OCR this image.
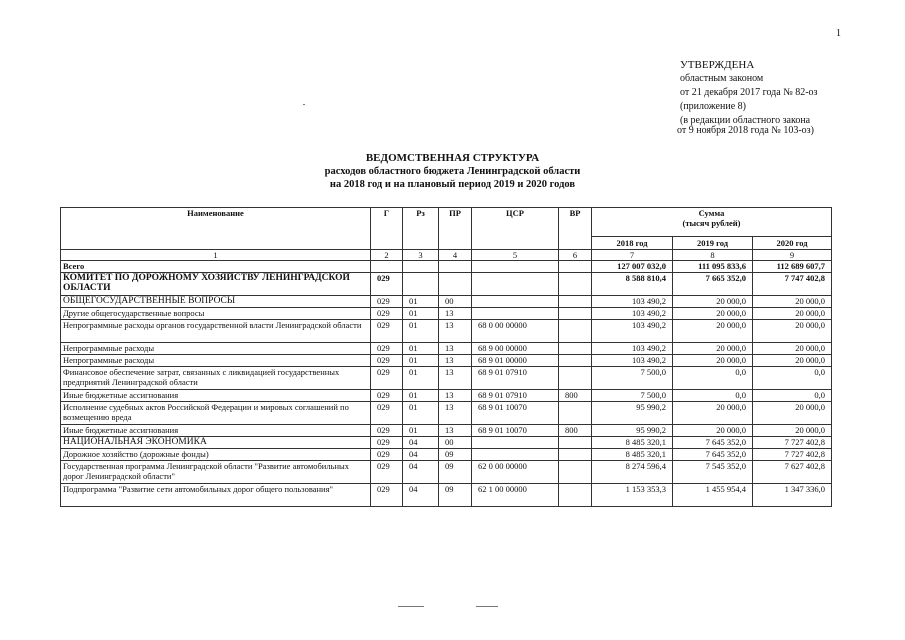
1
УТВЕРЖДЕНА
областным законом
от 21 декабря 2017 года № 82-оз
(приложение 8)
(в редакции областного закона
от 9 ноября 2018 года № 103-оз)
ВЕДОМСТВЕННАЯ СТРУКТУРА
расходов областного бюджета Ленинградской области
на 2018 год и на плановый период 2019 и 2020 годов
Наименование	Г	Рз	ПР	ЦСР	ВР	Сумма
(тысяч рублей)		

						2018 год	2019 год	2020 год
1	2	3	4	5	6	7	8	9
Всего						127 007 032,0	111 095 833,6	112 689 607,7
КОМИТЕТ ПО ДОРОЖНОМУ ХОЗЯЙСТВУ ЛЕНИНГРАДСКОЙ ОБЛАСТИ	029					8 588 810,4	7 665 352,0	7 747 402,8
ОБЩЕГОСУДАРСТВЕННЫЕ ВОПРОСЫ	029	01	00			103 490,2	20 000,0	20 000,0
Другие общегосударственные вопросы	029	01	13			103 490,2	20 000,0	20 000,0
Непрограммные расходы органов государственной власти Ленинградской области	029	01	13	68 0 00 00000		103 490,2	20 000,0	20 000,0
Непрограммные расходы	029	01	13	68 9 00 00000		103 490,2	20 000,0	20 000,0
Непрограммные расходы	029	01	13	68 9 01 00000		103 490,2	20 000,0	20 000,0
Финансовое обеспечение затрат, связанных с ликвидацией государственных предприятий Ленинградской области	029	01	13	68 9 01 07910		7 500,0	0,0	0,0
Иные бюджетные ассигнования	029	01	13	68 9 01 07910	800	7 500,0	0,0	0,0
Исполнение судебных актов Российской Федерации и мировых соглашений по возмещению вреда	029	01	13	68 9 01 10070		95 990,2	20 000,0	20 000,0
Иные бюджетные ассигнования	029	01	13	68 9 01 10070	800	95 990,2	20 000,0	20 000,0
НАЦИОНАЛЬНАЯ ЭКОНОМИКА	029	04	00			8 485 320,1	7 645 352,0	7 727 402,8
Дорожное хозяйство (дорожные фонды)	029	04	09			8 485 320,1	7 645 352,0	7 727 402,8
Государственная программа Ленинградской области "Развитие автомобильных дорог Ленинградской области"	029	04	09	62 0 00 00000		8 274 596,4	7 545 352,0	7 627 402,8
Подпрограмма "Развитие сети автомобильных дорог общего пользования"	029	04	09	62 1 00 00000		1 153 353,3	1 455 954,4	1 347 336,0
